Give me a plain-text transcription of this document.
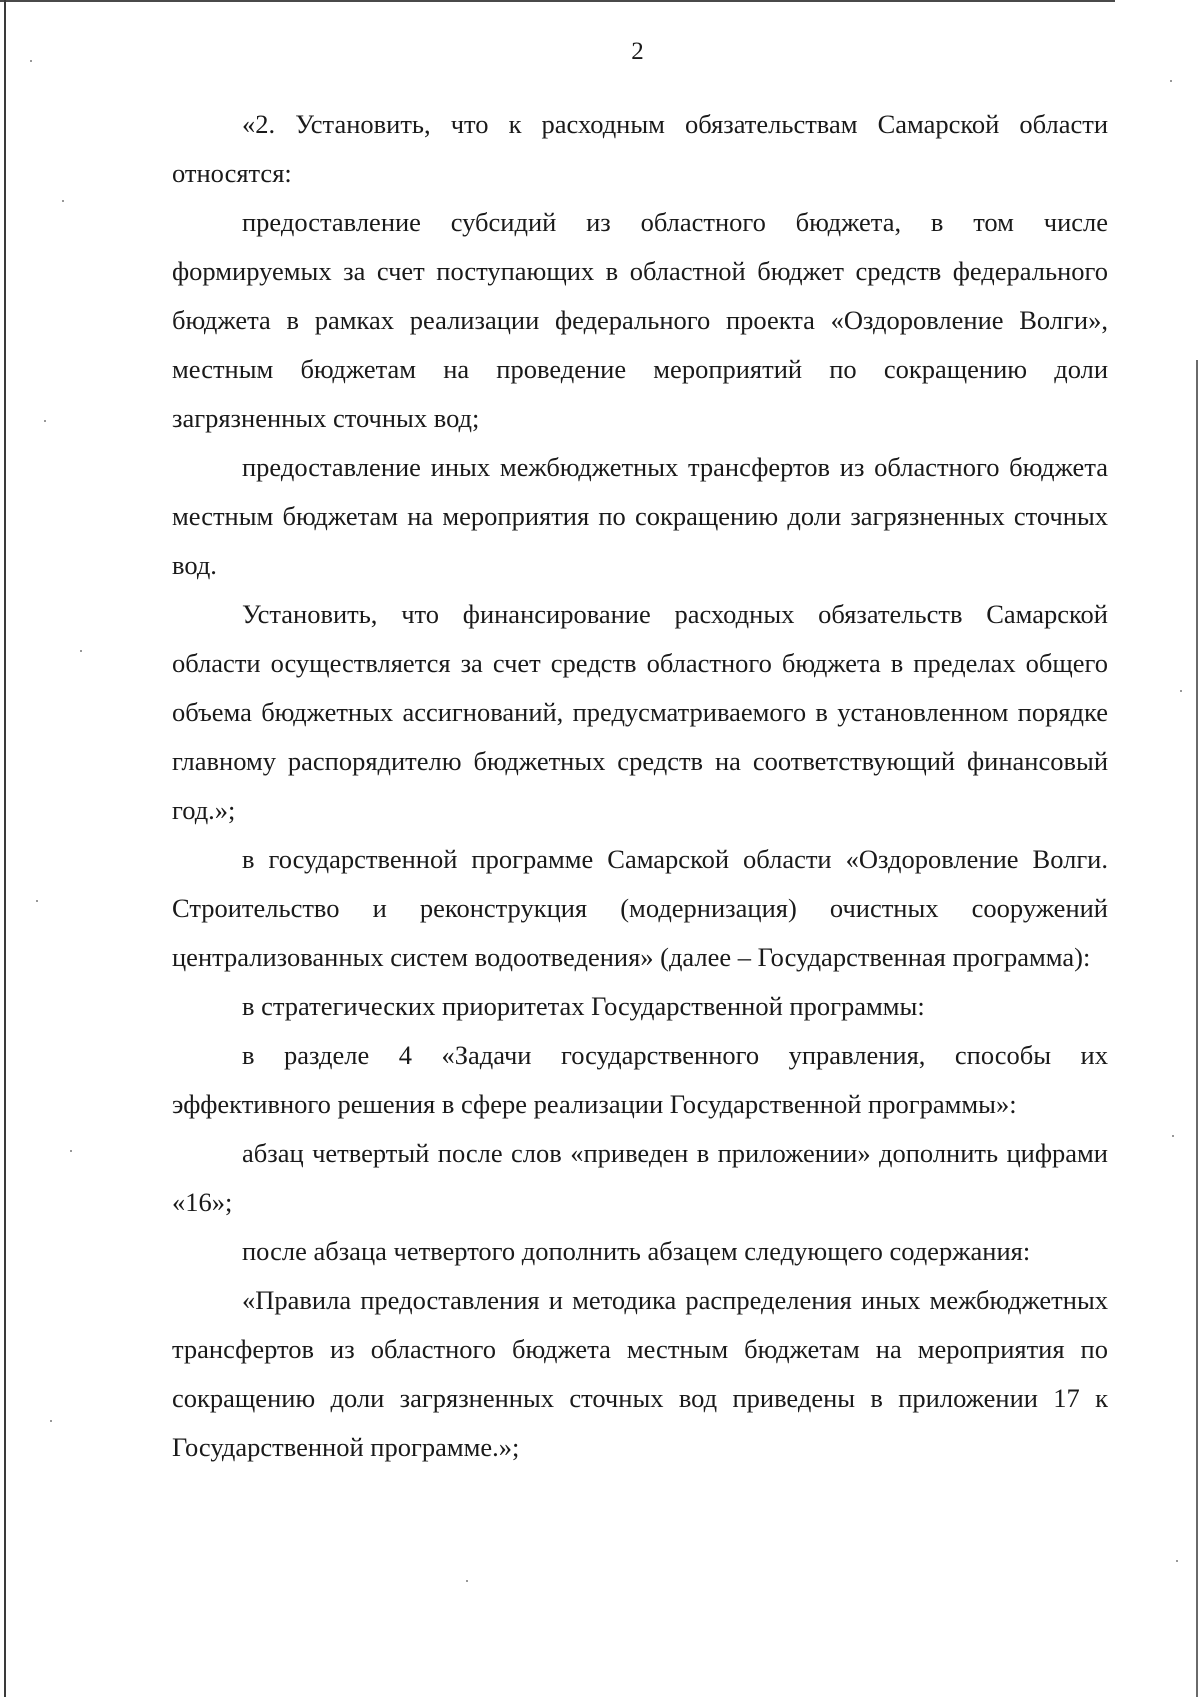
2

«2. Установить, что к расходным обязательствам Самарской области относятся:

предоставление субсидий из областного бюджета, в том числе формируемых за счет поступающих в областной бюджет средств федерального бюджета в рамках реализации федерального проекта «Оздоровление Волги», местным бюджетам на проведение мероприятий по сокращению доли загрязненных сточных вод;

предоставление иных межбюджетных трансфертов из областного бюджета местным бюджетам на мероприятия по сокращению доли загрязненных сточных вод.

Установить, что финансирование расходных обязательств Самарской области осуществляется за счет средств областного бюджета в пределах общего объема бюджетных ассигнований, предусматриваемого в установленном порядке главному распорядителю бюджетных средств на соответствующий финансовый год.»;

в государственной программе Самарской области «Оздоровление Волги. Строительство и реконструкция (модернизация) очистных сооружений централизованных систем водоотведения» (далее – Государственная программа):

в стратегических приоритетах Государственной программы:

в разделе 4 «Задачи государственного управления, способы их эффективного решения в сфере реализации Государственной программы»:

абзац четвертый после слов «приведен в приложении» дополнить цифрами «16»;

после абзаца четвертого дополнить абзацем следующего содержания:

«Правила предоставления и методика распределения иных межбюджетных трансфертов из областного бюджета местным бюджетам на мероприятия по сокращению доли загрязненных сточных вод приведены в приложении 17 к Государственной программе.»;
